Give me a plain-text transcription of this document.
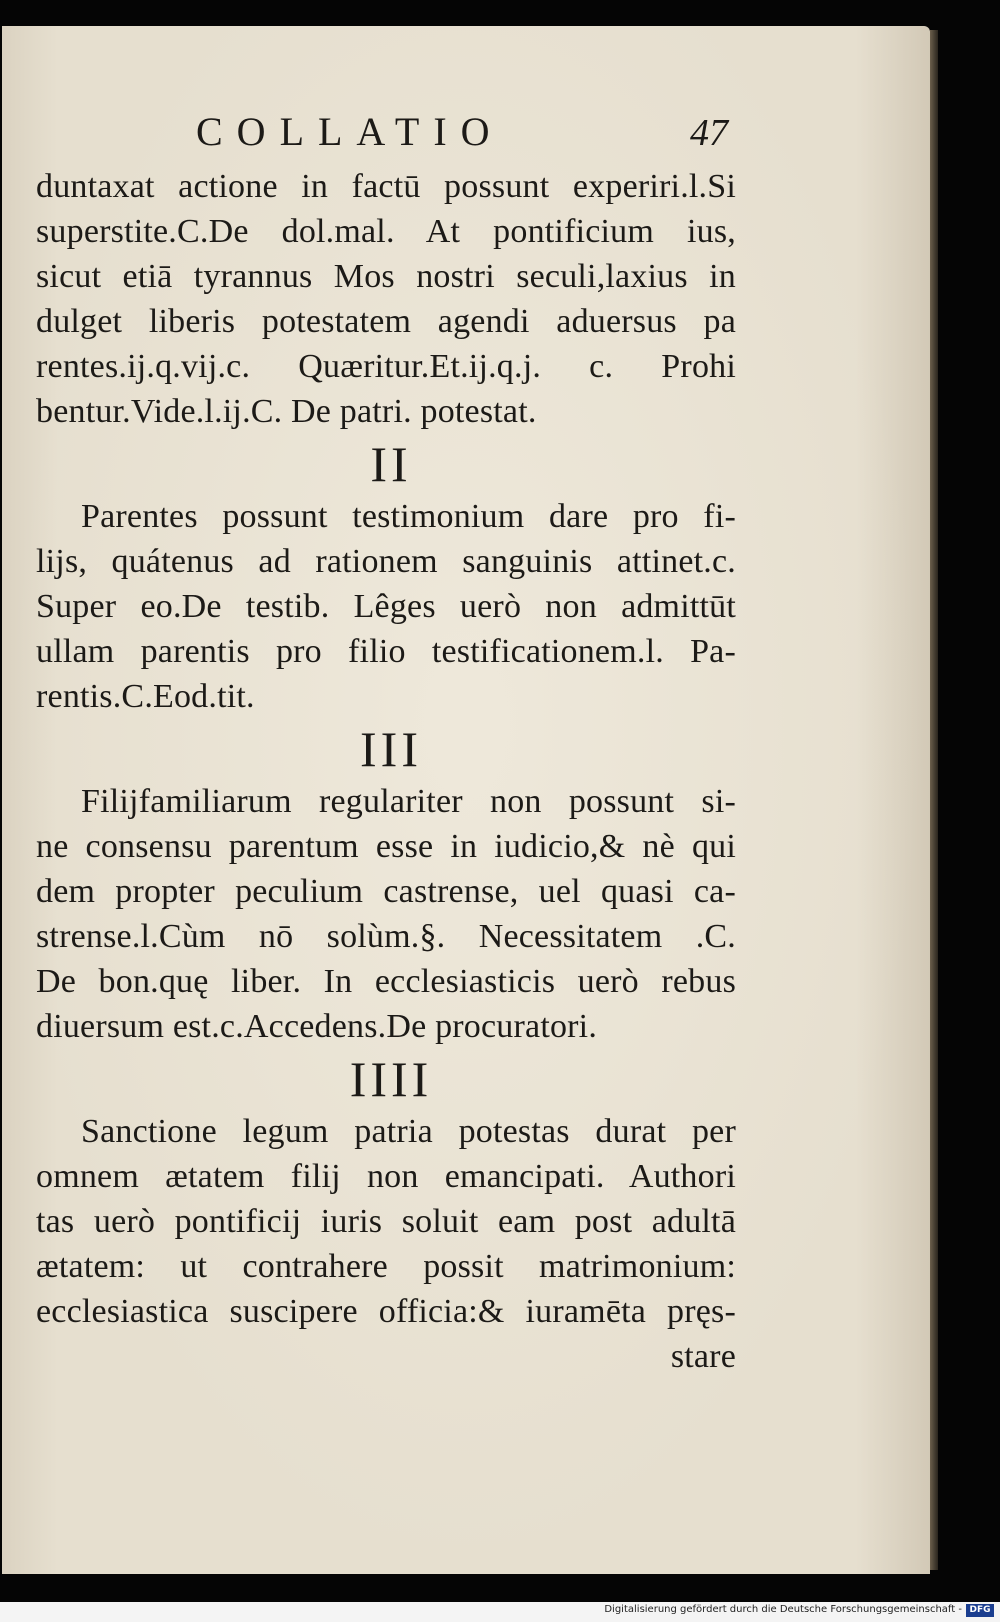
COLLATIO	47
duntaxat actione in factū possunt experiri.l.Si
superstite.C.De dol.mal. At pontificium ius,
sicut etiā tyrannus Mos nostri seculi,laxius in
dulget liberis potestatem agendi aduersus pa
rentes.ij.q.vij.c. Quæritur.Et.ij.q.j. c. Prohi
bentur.Vide.l.ij.C. De patri. potestat.
II
Parentes possunt testimonium dare pro fi-
lijs, quátenus ad rationem sanguinis attinet.c.
Super eo.De testib. Lêges uerò non admittūt
ullam parentis pro filio testificationem.l. Pa-
rentis.C.Eod.tit.
III
Filijfamiliarum regulariter non possunt si-
ne consensu parentum esse in iudicio,& nè qui
dem propter peculium castrense, uel quasi ca-
strense.l.Cùm nō solùm.§. Necessitatem .C.
De bon.quę liber. In ecclesiasticis uerò rebus
diuersum est.c.Accedens.De procuratori.
IIII
Sanctione legum patria potestas durat per
omnem ætatem filij non emancipati. Authori
tas uerò pontificij iuris soluit eam post adultā
ætatem: ut contrahere possit matrimonium:
ecclesiastica suscipere officia:& iuramēta pręs-
stare
Digitalisierung gefördert durch die Deutsche Forschungsgemeinschaft - DFG
